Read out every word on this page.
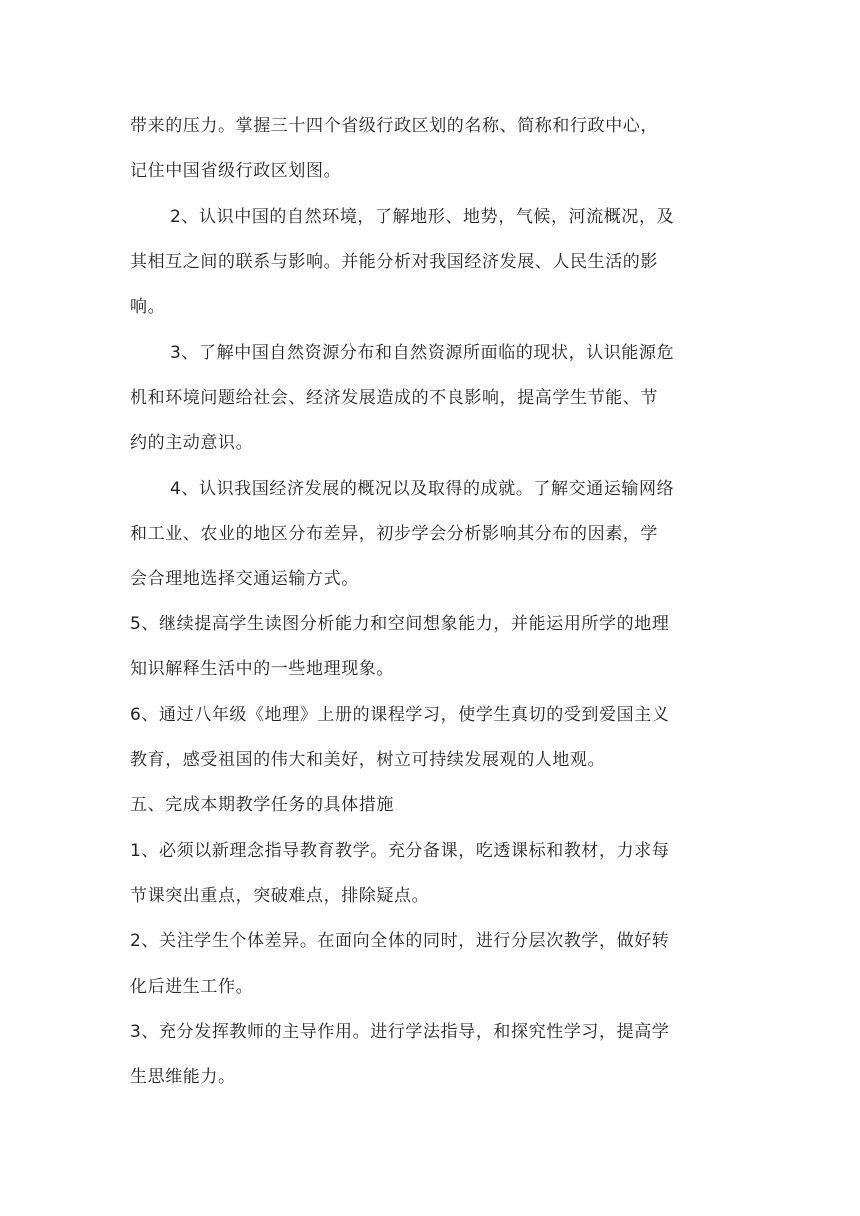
带来的压力。掌握三十四个省级行政区划的名称、简称和行政中心，
记住中国省级行政区划图。
2、认识中国的自然环境，了解地形、地势，气候，河流概况，及
其相互之间的联系与影响。并能分析对我国经济发展、人民生活的影
响。
3、了解中国自然资源分布和自然资源所面临的现状，认识能源危
机和环境问题给社会、经济发展造成的不良影响，提高学生节能、节
约的主动意识。
4、认识我国经济发展的概况以及取得的成就。了解交通运输网络
和工业、农业的地区分布差异，初步学会分析影响其分布的因素，学
会合理地选择交通运输方式。
5、继续提高学生读图分析能力和空间想象能力，并能运用所学的地理
知识解释生活中的一些地理现象。
6、通过八年级《地理》上册的课程学习，使学生真切的受到爱国主义
教育，感受祖国的伟大和美好，树立可持续发展观的人地观。
五、完成本期教学任务的具体措施
1、必须以新理念指导教育教学。充分备课，吃透课标和教材，力求每
节课突出重点，突破难点，排除疑点。
2、关注学生个体差异。在面向全体的同时，进行分层次教学，做好转
化后进生工作。
3、充分发挥教师的主导作用。进行学法指导，和探究性学习，提高学
生思维能力。
